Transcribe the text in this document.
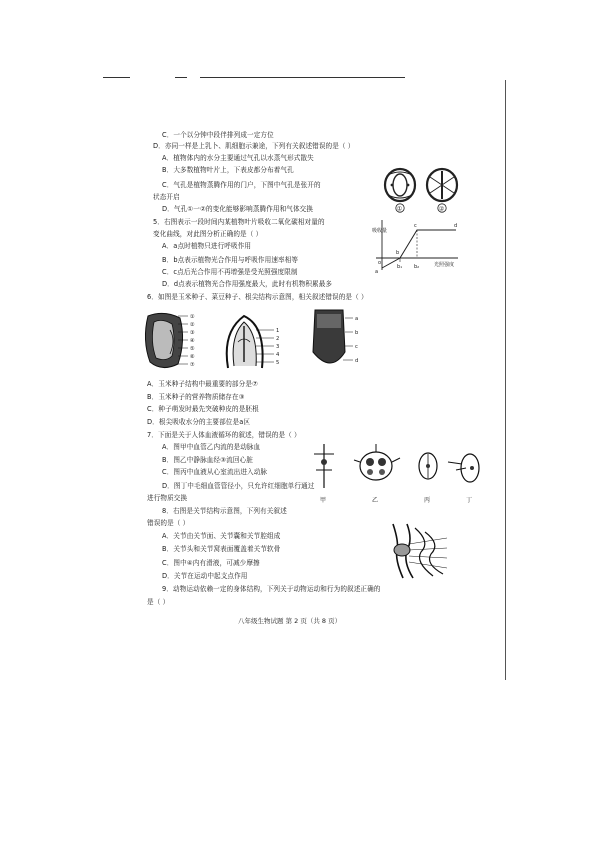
C．一个以分钟中段伴排列成一定方位
D．亦同一样是上乳卜、肌细胞示兼途，下列有关叙述错误的是（ ）
A．植物体内的水分主要通过气孔以水蒸气形式散失
B．大多数植物叶片上，下表皮都分布着气孔
C．气孔是植物蒸腾作用的门户，下图中气孔是张开的
状态开启
D．气孔①一②的变化能够影响蒸腾作用和气体交换
5．右图表示一段时间内某植物叶片吸收二氧化碳相对量的
变化曲线，对此图分析正确的是（ ）
A．a点时植物只进行呼吸作用
B．b点表示植物光合作用与呼吸作用速率相等
C．c点后光合作用不再增强是受光照强度限制
D．d点表示植物光合作用强度最大，此时有机物积累最多
6．如图是玉米种子、菜豆种子、根尖结构示意图，相关叙述错误的是（ ）
A．玉米种子结构中最重要的部分是⑦
B．玉米种子的营养物质储存在③
C．种子萌发时最先突破种皮的是胚根
D．根尖吸收水分的主要部位是a区
7．下面是关于人体血液循环的叙述，错误的是（ ）
A．图甲中血管乙内流的是动脉血
B．图乙中静脉血经③流回心脏
C．图丙中血液从心室流出进入动脉
D．图丁中毛细血管管径小，只允许红细胞单行通过
进行物质交换
8．右图是关节结构示意图，下列有关叙述
错误的是（ ）
A．关节由关节面、关节囊和关节腔组成
B．关节头和关节窝表面覆盖着关节软骨
C．图中④内有滑液，可减少摩擦
D．关节在运动中起支点作用
9．动物运动依赖一定的身体结构，下列关于动物运动和行为的叙述正确的
是（ ）
①	②
吸收量
光照强度
a
b
c	d
o
b₁ b₂
①
②
③
④
⑤
⑥
⑦
1
2
3
4
5
a
b
c
d
甲	乙	丙	丁
八年级生物试题 第 2 页（共 8 页）
